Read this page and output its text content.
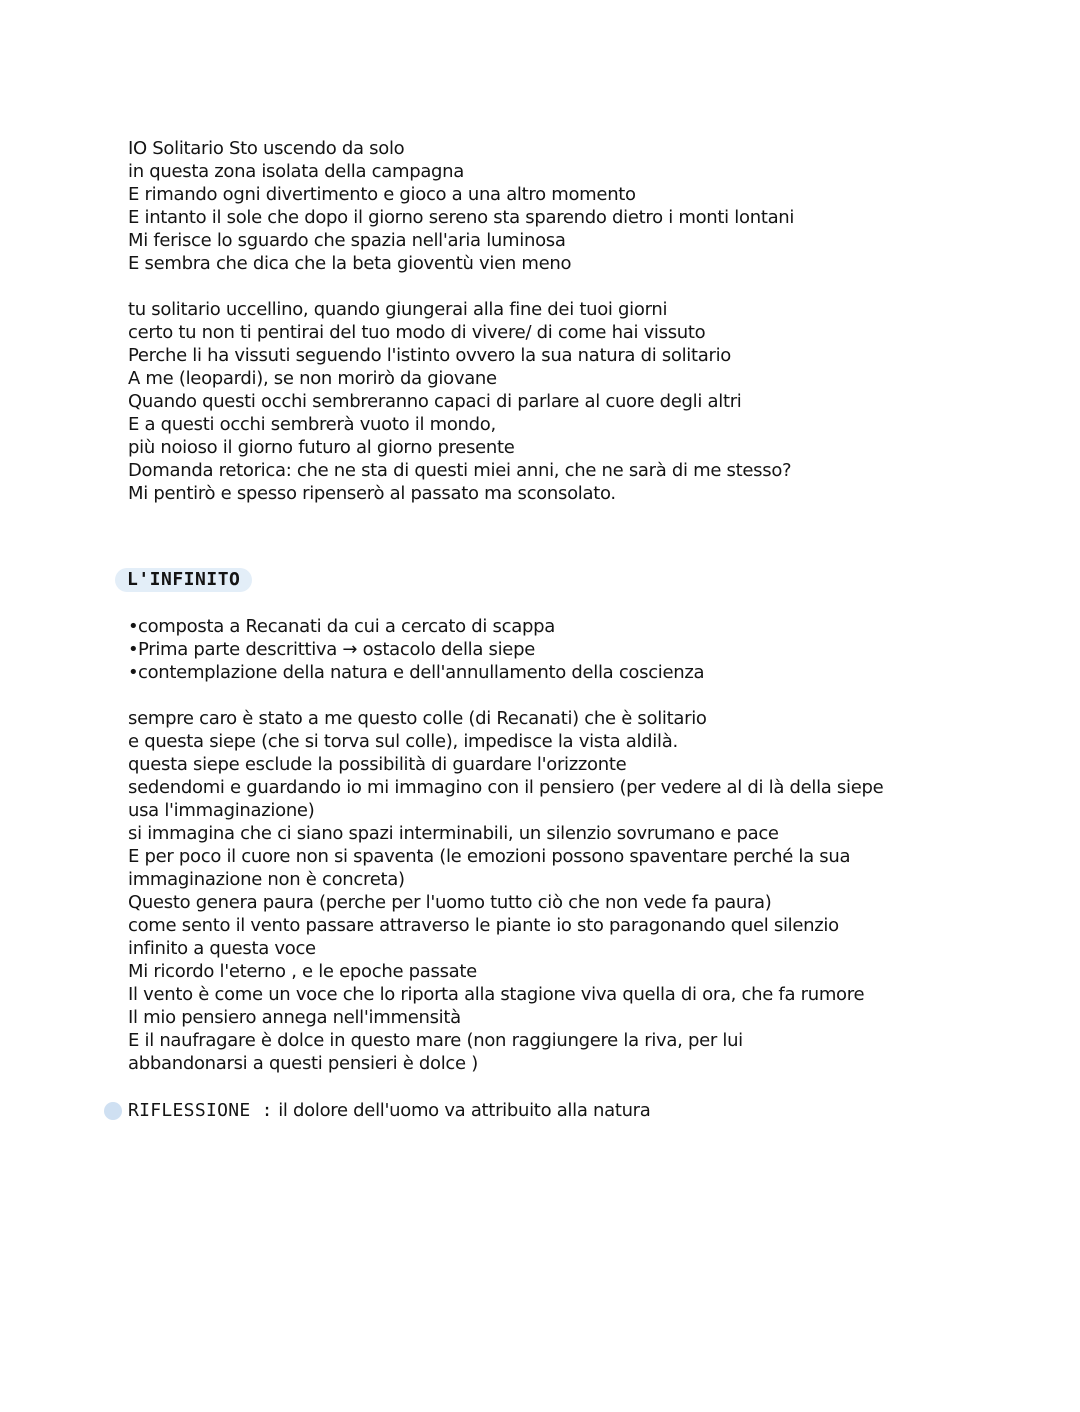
IO Solitario Sto uscendo da solo
in questa zona isolata della campagna
E rimando ogni divertimento e gioco a una altro momento
E intanto il sole che dopo il giorno sereno sta sparendo dietro i monti lontani
Mi ferisce lo sguardo che spazia nell'aria luminosa
E sembra che dica che la beta gioventù vien meno
tu solitario uccellino, quando giungerai alla fine dei tuoi giorni
certo tu non ti pentirai del tuo modo di vivere/ di come hai vissuto
Perche li ha vissuti seguendo l'istinto ovvero la sua natura di solitario
A me (leopardi), se non morirò da giovane
Quando questi occhi sembreranno capaci di parlare al cuore degli altri
E a questi occhi sembrerà vuoto il mondo,
più noioso il giorno futuro al giorno presente
Domanda retorica: che ne sta di questi miei anni, che ne sarà di me stesso?
Mi pentirò e spesso ripenserò al passato ma sconsolato.
L'INFINITO
•composta a Recanati da cui a cercato di scappa
•Prima parte descrittiva → ostacolo della siepe
•contemplazione della natura e dell'annullamento della coscienza
sempre caro è stato a me questo colle (di Recanati) che è solitario
e questa siepe (che si torva sul colle), impedisce la vista aldilà.
questa siepe esclude la possibilità di guardare l'orizzonte
sedendomi e guardando io mi immagino con il pensiero (per vedere al di là della siepe
usa l'immaginazione)
si immagina che ci siano spazi interminabili, un silenzio sovrumano e pace
E per poco il cuore non si spaventa (le emozioni possono spaventare perché la sua
immaginazione non è concreta)
Questo genera paura (perche per l'uomo tutto ciò che non vede fa paura)
come sento il vento passare attraverso le piante io sto paragonando quel silenzio
infinito a questa voce
Mi ricordo l'eterno , e le epoche passate
Il vento è come un voce che lo riporta alla stagione viva quella di ora, che fa rumore
Il mio pensiero annega nell'immensità
E il naufragare è dolce in questo mare (non raggiungere la riva, per lui
abbandonarsi a questi pensieri è dolce )
RIFLESSIONE : il dolore dell'uomo va attribuito alla natura
